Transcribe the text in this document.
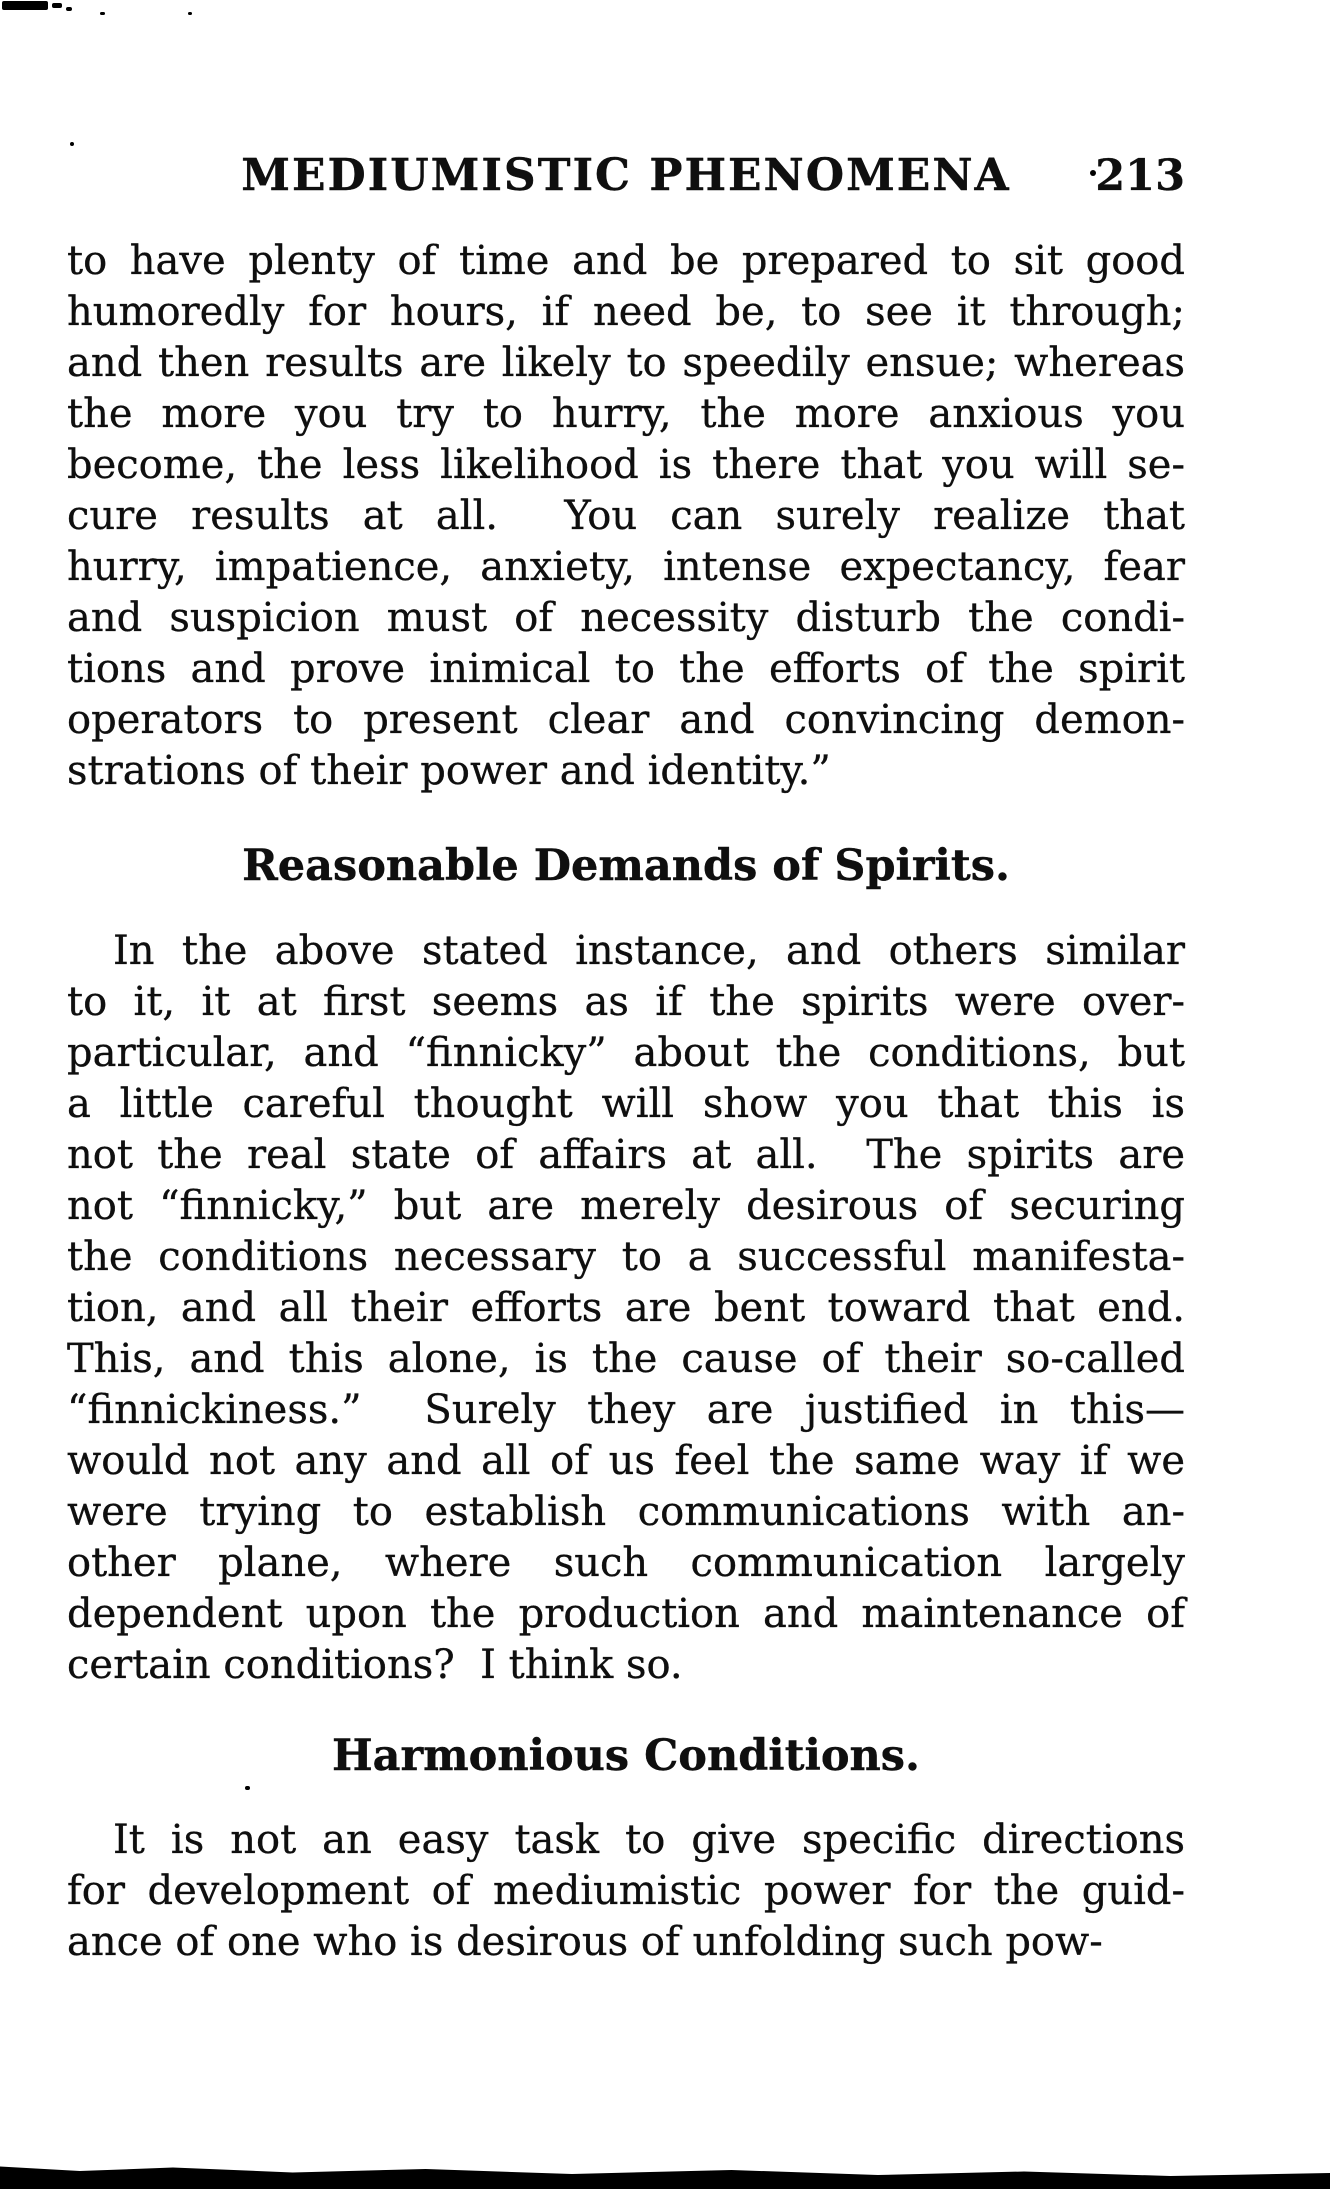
MEDIUMISTIC PHENOMENA	213
to have plenty of time and be prepared to sit good
humoredly for hours, if need be, to see it through;
and then results are likely to speedily ensue; whereas
the more you try to hurry, the more anxious you
become, the less likelihood is there that you will se-
cure results at all.  You can surely realize that
hurry, impatience, anxiety, intense expectancy, fear
and suspicion must of necessity disturb the condi-
tions and prove inimical to the efforts of the spirit
operators to present clear and convincing demon-
strations of their power and identity.”
Reasonable Demands of Spirits.
In the above stated instance, and others similar
to it, it at first seems as if the spirits were over-
particular, and “finnicky” about the conditions, but
a little careful thought will show you that this is
not the real state of affairs at all.  The spirits are
not “finnicky,” but are merely desirous of securing
the conditions necessary to a successful manifesta-
tion, and all their efforts are bent toward that end.
This, and this alone, is the cause of their so-called
“finnickiness.”  Surely they are justified in this—
would not any and all of us feel the same way if we
were trying to establish communications with an-
other plane, where such communication largely
dependent upon the production and maintenance of
certain conditions?  I think so.
Harmonious Conditions.
It is not an easy task to give specific directions
for development of mediumistic power for the guid-
ance of one who is desirous of unfolding such pow-
